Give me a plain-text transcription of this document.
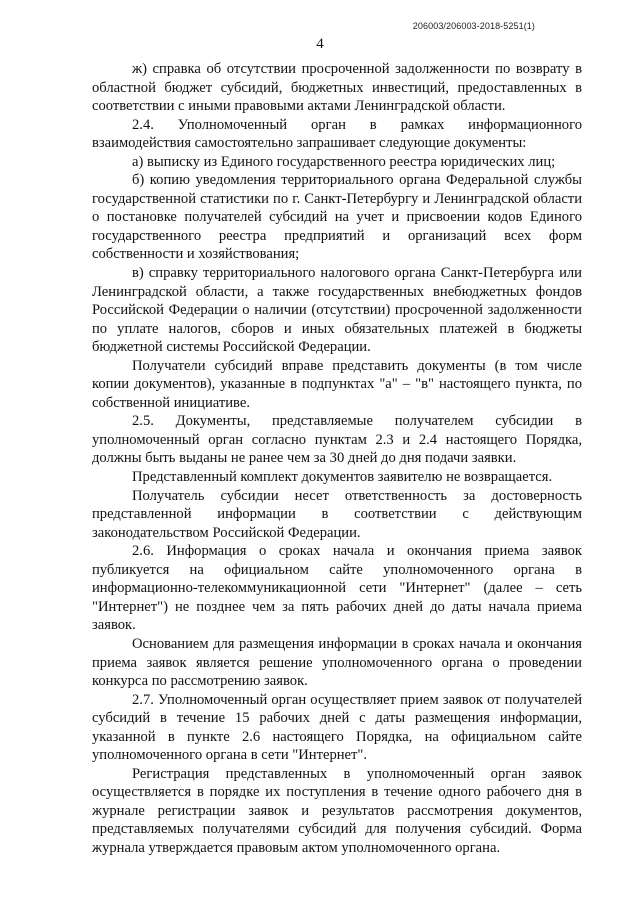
206003/206003-2018-5251(1)
4

ж) справка об отсутствии просроченной задолженности по возврату в областной бюджет субсидий, бюджетных инвестиций, предоставленных в соответствии с иными правовыми актами Ленинградской области.

2.4. Уполномоченный орган в рамках информационного взаимодействия самостоятельно запрашивает следующие документы:

а) выписку из Единого государственного реестра юридических лиц;

б) копию уведомления территориального органа Федеральной службы государственной статистики по г. Санкт-Петербургу и Ленинградской области о постановке получателей субсидий на учет и присвоении кодов Единого государственного реестра предприятий и организаций всех форм собственности и хозяйствования;

в) справку территориального налогового органа Санкт-Петербурга или Ленинградской области, а также государственных внебюджетных фондов Российской Федерации о наличии (отсутствии) просроченной задолженности по уплате налогов, сборов и иных обязательных платежей в бюджеты бюджетной системы Российской Федерации.

Получатели субсидий вправе представить документы (в том числе копии документов), указанные в подпунктах "а" – "в" настоящего пункта, по собственной инициативе.

2.5. Документы, представляемые получателем субсидии в уполномоченный орган согласно пунктам 2.3 и 2.4 настоящего Порядка, должны быть выданы не ранее чем за 30 дней до дня подачи заявки.

Представленный комплект документов заявителю не возвращается.

Получатель субсидии несет ответственность за достоверность представленной информации в соответствии с действующим законодательством Российской Федерации.

2.6. Информация о сроках начала и окончания приема заявок публикуется на официальном сайте уполномоченного органа в информационно-телекоммуникационной сети "Интернет" (далее – сеть "Интернет") не позднее чем за пять рабочих дней до даты начала приема заявок.

Основанием для размещения информации в сроках начала и окончания приема заявок является решение уполномоченного органа о проведении конкурса по рассмотрению заявок.

2.7. Уполномоченный орган осуществляет прием заявок от получателей субсидий в течение 15 рабочих дней с даты размещения информации, указанной в пункте 2.6 настоящего Порядка, на официальном сайте уполномоченного органа в сети "Интернет".

Регистрация представленных в уполномоченный орган заявок осуществляется в порядке их поступления в течение одного рабочего дня в журнале регистрации заявок и результатов рассмотрения документов, представляемых получателями субсидий для получения субсидий. Форма журнала утверждается правовым актом уполномоченного органа.
